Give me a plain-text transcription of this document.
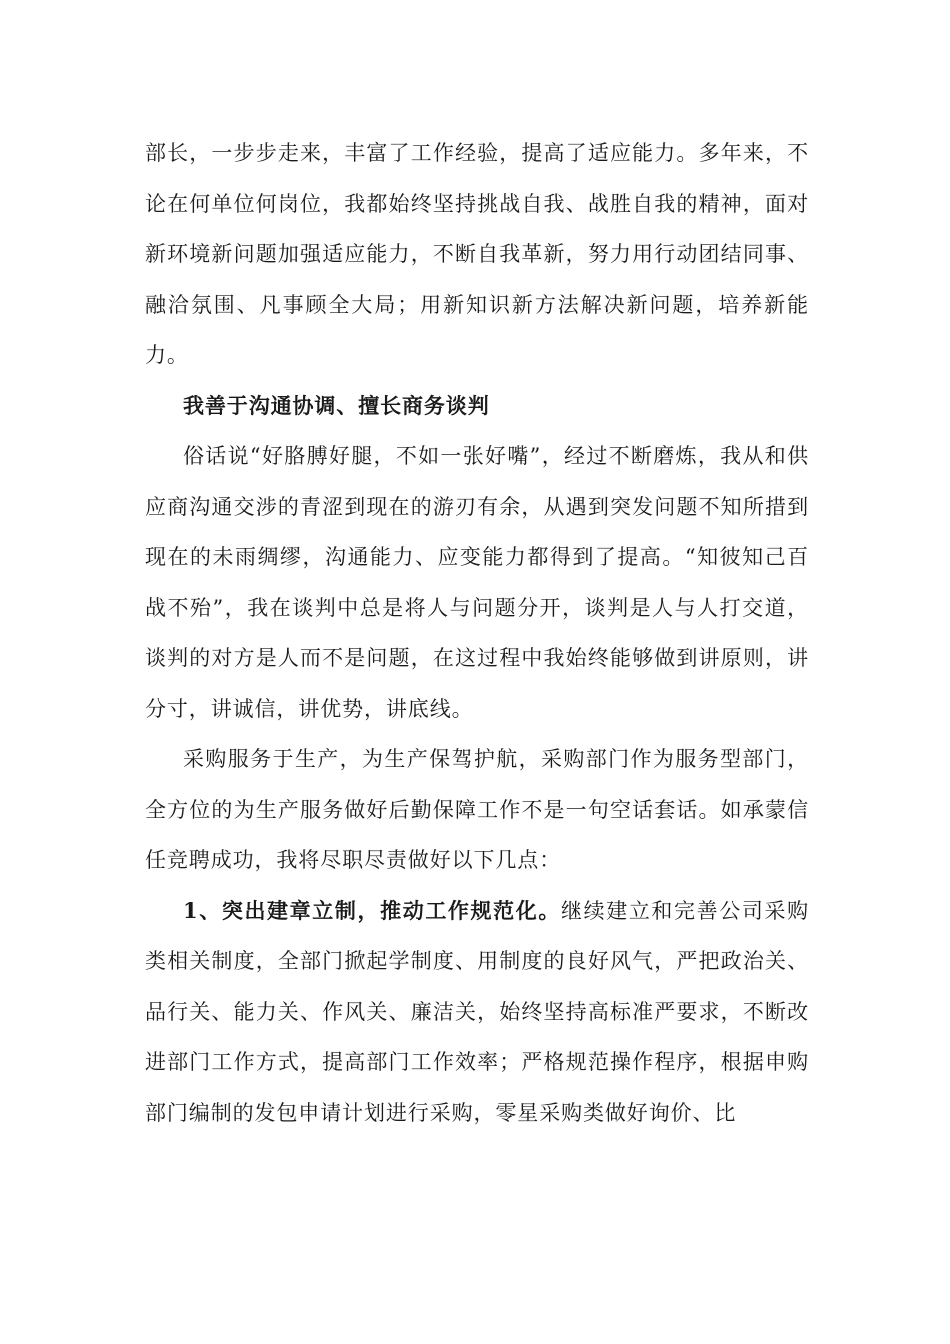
部长，一步步走来，丰富了工作经验，提高了适应能力。多年来，不论在何单位何岗位，我都始终坚持挑战自我、战胜自我的精神，面对新环境新问题加强适应能力，不断自我革新，努力用行动团结同事、融洽氛围、凡事顾全大局；用新知识新方法解决新问题，培养新能力。

我善于沟通协调、擅长商务谈判

俗话说“好胳膊好腿，不如一张好嘴”，经过不断磨炼，我从和供应商沟通交涉的青涩到现在的游刃有余，从遇到突发问题不知所措到现在的未雨绸缪，沟通能力、应变能力都得到了提高。“知彼知己百战不殆”，我在谈判中总是将人与问题分开，谈判是人与人打交道，谈判的对方是人而不是问题，在这过程中我始终能够做到讲原则，讲分寸，讲诚信，讲优势，讲底线。

采购服务于生产，为生产保驾护航，采购部门作为服务型部门，全方位的为生产服务做好后勤保障工作不是一句空话套话。如承蒙信任竞聘成功，我将尽职尽责做好以下几点：

1、突出建章立制，推动工作规范化。继续建立和完善公司采购类相关制度，全部门掀起学制度、用制度的良好风气，严把政治关、品行关、能力关、作风关、廉洁关，始终坚持高标准严要求，不断改进部门工作方式，提高部门工作效率；严格规范操作程序，根据申购部门编制的发包申请计划进行采购，零星采购类做好询价、比
